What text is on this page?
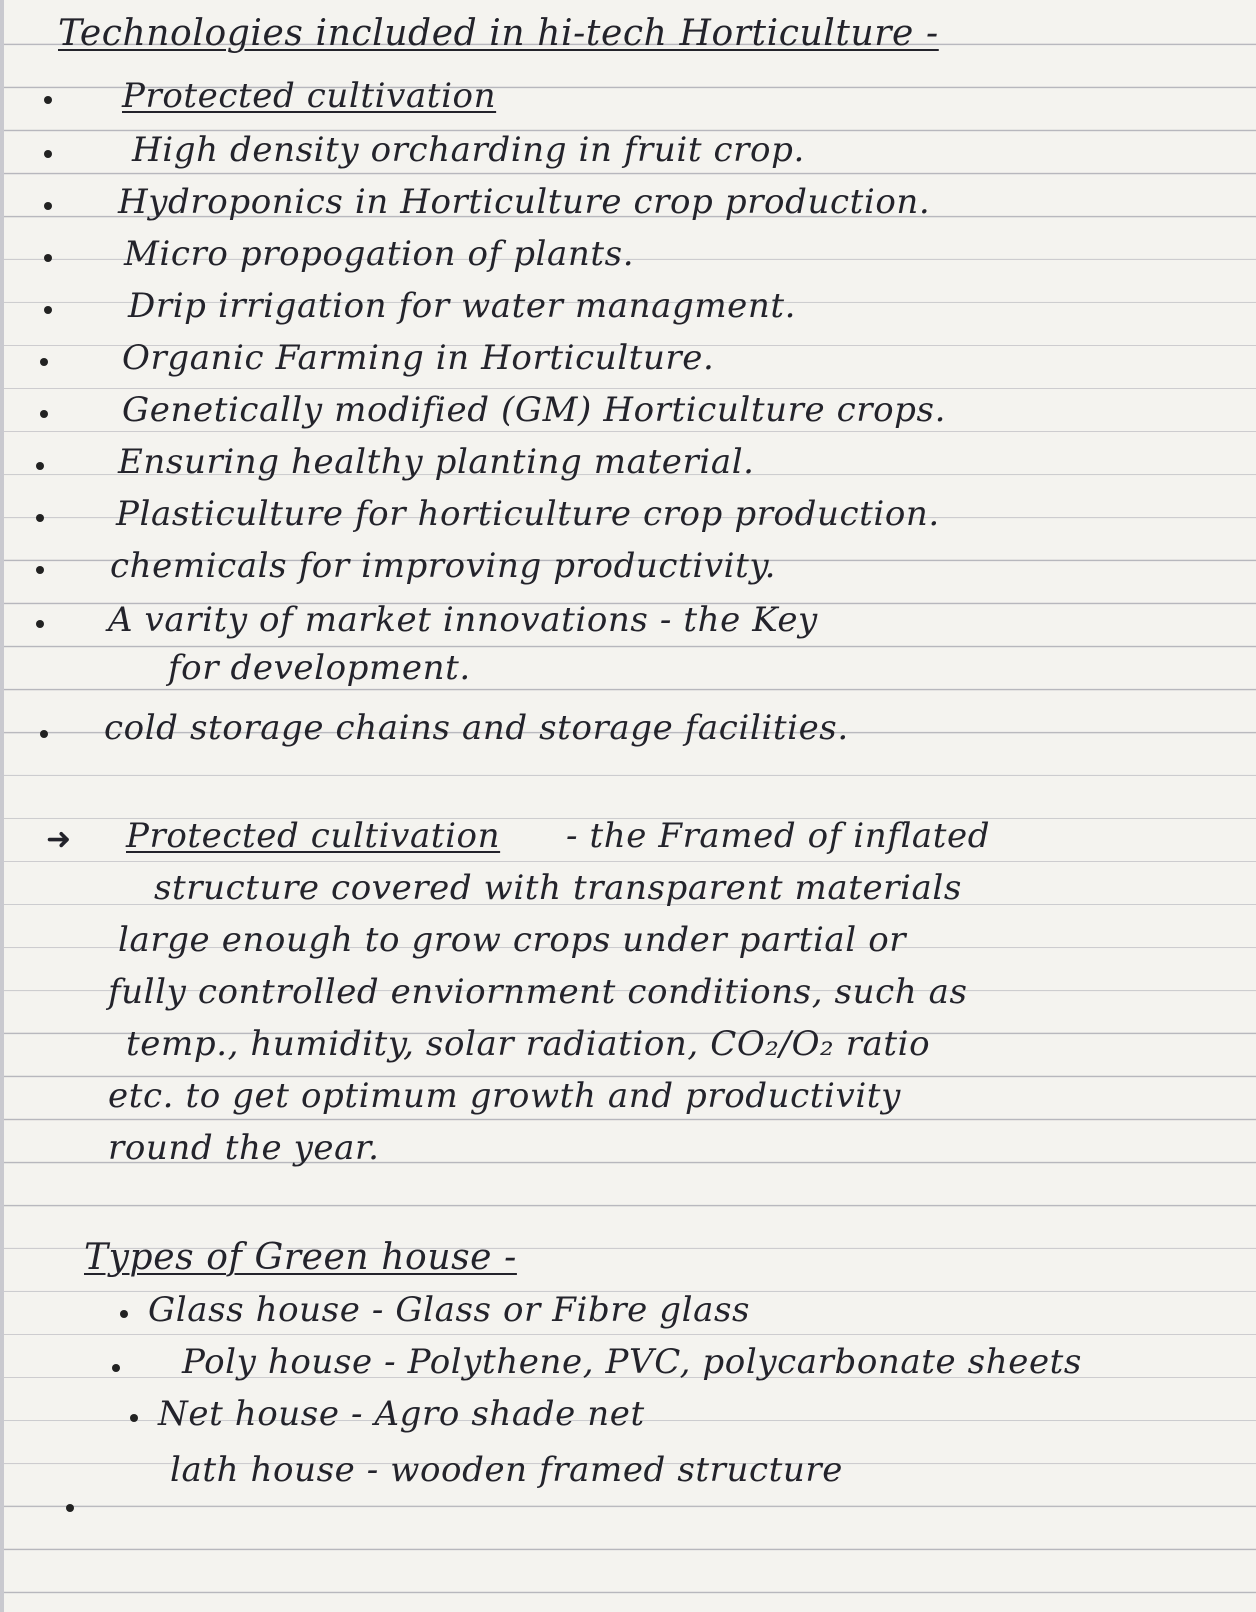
Technologies included in hi-tech Horticulture -
Protected cultivation
High density orcharding in fruit crop.
Hydroponics in Horticulture crop production.
Micro propogation of plants.
Drip irrigation for water managment.
Organic Farming in Horticulture.
Genetically modified (GM) Horticulture crops.
Ensuring healthy planting material.
Plasticulture for horticulture crop production.
chemicals for improving productivity.
A varity of market innovations - the Key
for development.
cold storage chains and storage facilities.
➜ Protected cultivation - the Framed of inflated
structure covered with transparent materials
large enough to grow crops under partial or
fully controlled enviornment conditions, such as
temp., humidity, solar radiation, CO₂/O₂ ratio
etc. to get optimum growth and productivity
round the year.
Types of Green house -
Glass house - Glass or Fibre glass
Poly house - Polythene, PVC, polycarbonate sheets
Net house - Agro shade net
lath house - wooden framed structure
